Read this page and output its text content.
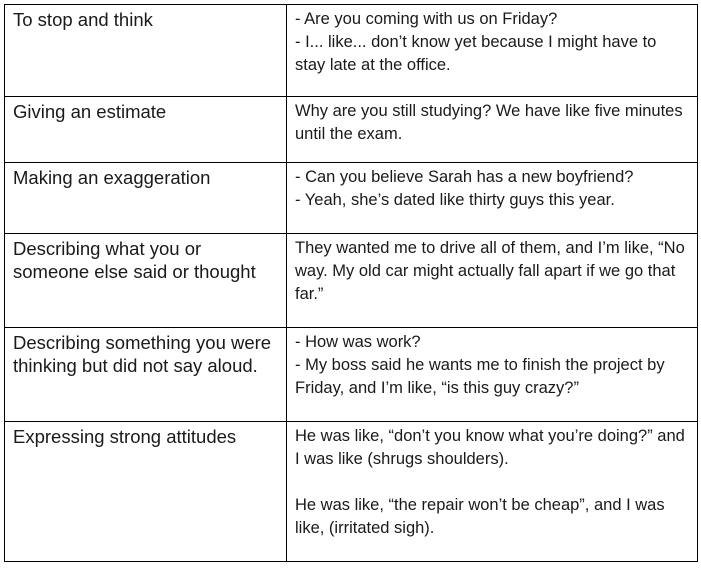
To stop and think	- Are you coming with us on Friday?
- I... like... don’t know yet because I might have to stay late at the office.

Giving an estimate	Why are you still studying? We have like five minutes until the exam.

Making an exaggeration	- Can you believe Sarah has a new boyfriend?
- Yeah, she’s dated like thirty guys this year.

Describing what you or someone else said or thought	They wanted me to drive all of them, and I’m like, “No way. My old car might actually fall apart if we go that far.”

Describing something you were thinking but did not say aloud.	- How was work?
- My boss said he wants me to finish the project by Friday, and I’m like, “is this guy crazy?”

Expressing strong attitudes	He was like, “don’t you know what you’re doing?” and I was like (shrugs shoulders).
He was like, “the repair won’t be cheap”, and I was like, (irritated sigh).
